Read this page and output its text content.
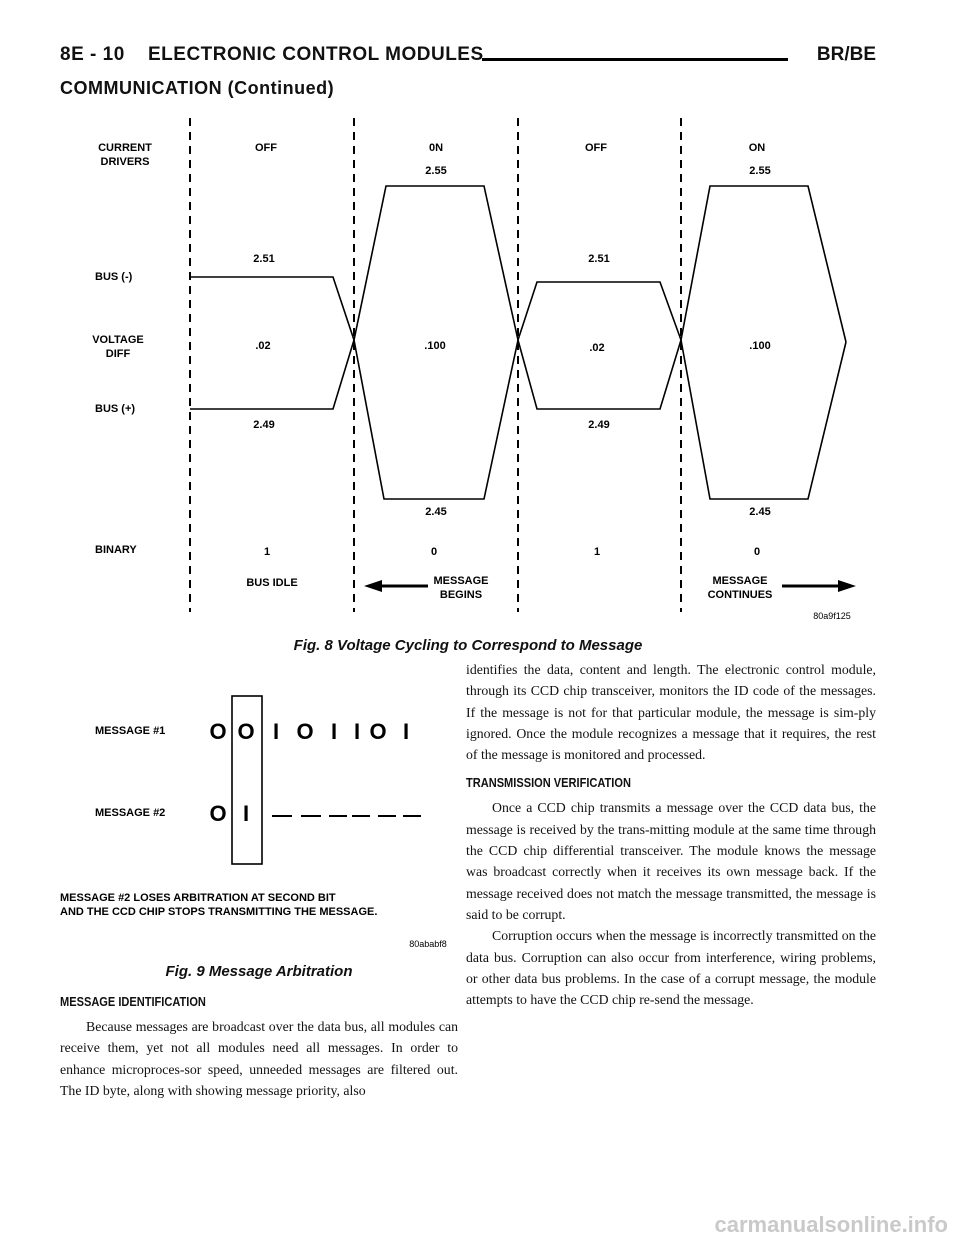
8E - 10 ELECTRONIC CONTROL MODULES	BR/BE
COMMUNICATION (Continued)
CURRENT
DRIVERS
BUS (-)
VOLTAGE
DIFF
BUS (+)
BINARY
OFF	0N	OFF	ON
2.51
2.55
2.51
2.55
.02	.100	.02	.100
2.49
2.45
2.49
2.45
1	0	1	0
BUS IDLE	MESSAGE
BEGINS
MESSAGE
CONTINUES
80a9f125
Fig. 8 Voltage Cycling to Correspond to Message
MESSAGE #1
MESSAGE #2
O O I O I I O I
O I
MESSAGE #2 LOSES ARBITRATION AT SECOND BIT
AND THE CCD CHIP STOPS TRANSMITTING THE MESSAGE.
80ababf8
Fig. 9 Message Arbitration
MESSAGE IDENTIFICATION

Because messages are broadcast over the data bus, all modules can receive them, yet not all modules need all messages. In order to enhance microproces-sor speed, unneeded messages are filtered out. The ID byte, along with showing message priority, also

identifies the data, content and length. The electronic control module, through its CCD chip transceiver, monitors the ID code of the messages. If the message is not for that particular module, the message is sim-ply ignored. Once the module recognizes a message that it requires, the rest of the message is monitored and processed.

TRANSMISSION VERIFICATION

Once a CCD chip transmits a message over the CCD data bus, the message is received by the trans-mitting module at the same time through the CCD chip differential transceiver. The module knows the message was broadcast correctly when it receives its own message back. If the message received does not match the message transmitted, the message is said to be corrupt.

Corruption occurs when the message is incorrectly transmitted on the data bus. Corruption can also occur from interference, wiring problems, or other data bus problems. In the case of a corrupt message, the module attempts to have the CCD chip re-send the message.

carmanualsonline.info
